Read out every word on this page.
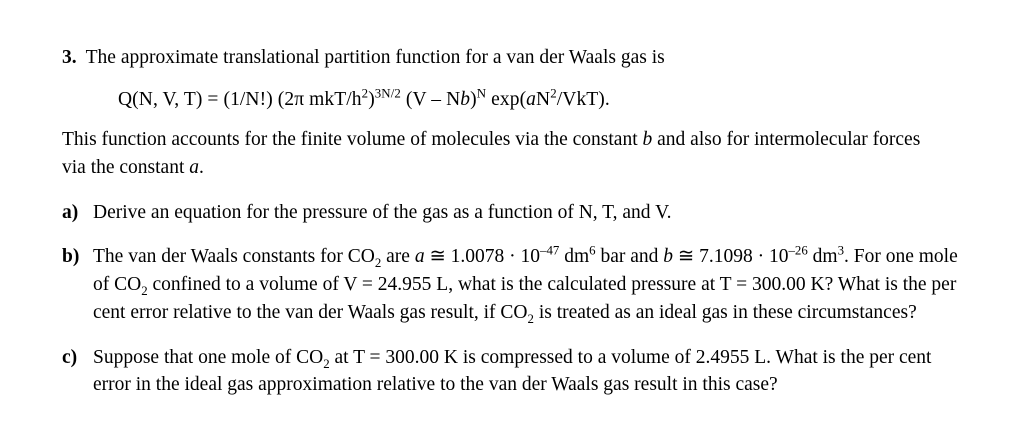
3. The approximate translational partition function for a van der Waals gas is
Q(N, V, T) = (1/N!) (2π mkT/$h^2)^{3N/2}$ (V – Nb)$^N$ $\exp(aN^2/VkT)$.
This function accounts for the finite volume of molecules via the constant b and also for intermolecular forces via the constant a.
a) Derive an equation for the pressure of the gas as a function of N, T, and V.
b) The van der Waals constants for $CO_2$ are a ≅ $1.0078 \cdot 10^{-47}$ $dm^6$ bar and b ≅ $7.1098 \cdot 10^{-26}$ $dm^3$. For one mole of $CO_2$ confined to a volume of V = 24.955 L, what is the calculated pressure at T = 300.00 K? What is the per cent error relative to the van der Waals gas result, if $CO_2$ is treated as an ideal gas in these circumstances?
c) Suppose that one mole of $CO_2$ at T = 300.00 K is compressed to a volume of 2.4955 L. What is the per cent error in the ideal gas approximation relative to the van der Waals gas result in this case?
